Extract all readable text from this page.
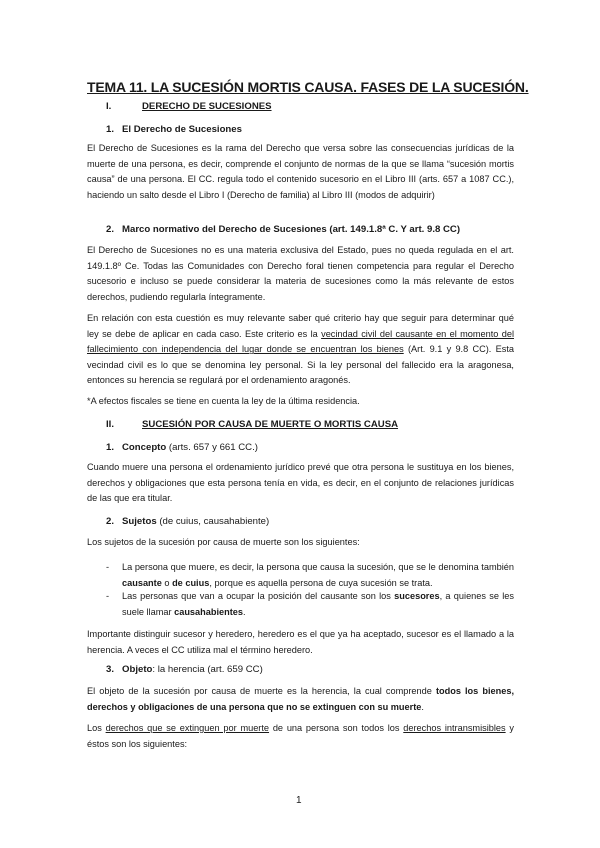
TEMA 11. LA SUCESIÓN MORTIS CAUSA. FASES DE LA SUCESIÓN.
I.	DERECHO DE SUCESIONES
1. El Derecho de Sucesiones
El Derecho de Sucesiones es la rama del Derecho que versa sobre las consecuencias jurídicas de la muerte de una persona, es decir, comprende el conjunto de normas de la que se llama “sucesión mortis causa” de una persona. El CC. regula todo el contenido sucesorio en el Libro III (arts. 657 a 1087 CC.), haciendo un salto desde el Libro I (Derecho de familia) al Libro III (modos de adquirir)
2. Marco normativo del Derecho de Sucesiones (art. 149.1.8ª C. Y art. 9.8 CC)
El Derecho de Sucesiones no es una materia exclusiva del Estado, pues no queda regulada en el art. 149.1.8º Ce. Todas las Comunidades con Derecho foral tienen competencia para regular el Derecho sucesorio e incluso se puede considerar la materia de sucesiones como la más relevante de estos derechos, pudiendo regularla íntegramente.
En relación con esta cuestión es muy relevante saber qué criterio hay que seguir para determinar qué ley se debe de aplicar en cada caso. Este criterio es la vecindad civil del causante en el momento del fallecimiento con independencia del lugar donde se encuentran los bienes (Art. 9.1 y 9.8 CC). Esta vecindad civil es lo que se denomina ley personal. Si la ley personal del fallecido era la aragonesa, entonces su herencia se regulará por el ordenamiento aragonés.
*A efectos fiscales se tiene en cuenta la ley de la última residencia.
II.	SUCESIÓN POR CAUSA DE MUERTE O MORTIS CAUSA
1. Concepto (arts. 657 y 661 CC.)
Cuando muere una persona el ordenamiento jurídico prevé que otra persona le sustituya en los bienes, derechos y obligaciones que esta persona tenía en vida, es decir, en el conjunto de relaciones jurídicas de las que era titular.
2. Sujetos (de cuius, causahabiente)
Los sujetos de la sucesión por causa de muerte son los siguientes:
- La persona que muere, es decir, la persona que causa la sucesión, que se le denomina también causante o de cuius, porque es aquella persona de cuya sucesión se trata.
- Las personas que van a ocupar la posición del causante son los sucesores, a quienes se les suele llamar causahabientes.
Importante distinguir sucesor y heredero, heredero es el que ya ha aceptado, sucesor es el llamado a la herencia. A veces el CC utiliza mal el término heredero.
3. Objeto: la herencia (art. 659 CC)
El objeto de la sucesión por causa de muerte es la herencia, la cual comprende todos los bienes, derechos y obligaciones de una persona que no se extinguen con su muerte.
Los derechos que se extinguen por muerte de una persona son todos los derechos intransmisibles y éstos son los siguientes:
1
